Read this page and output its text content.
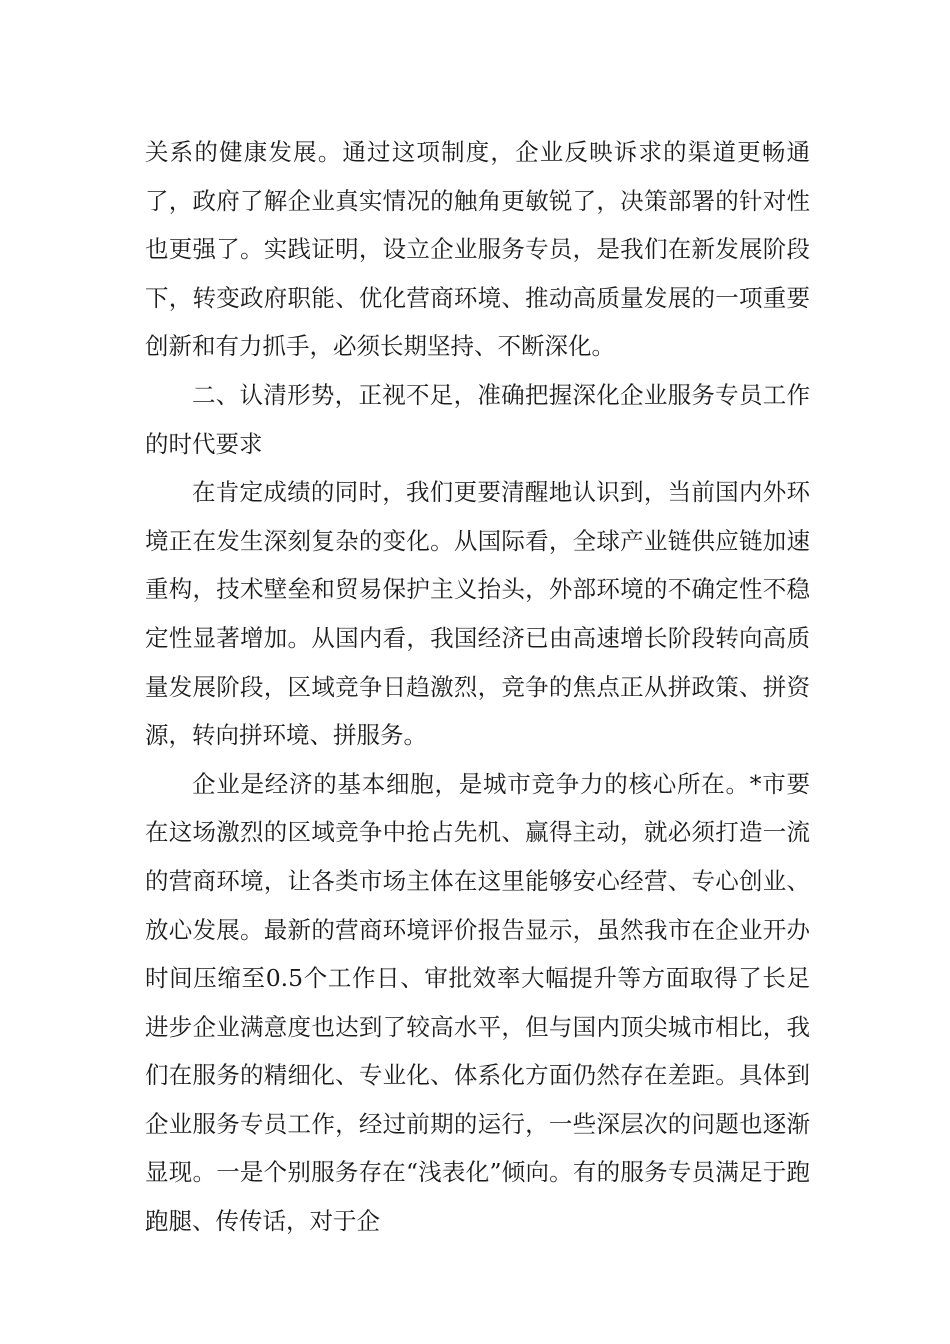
关系的健康发展。通过这项制度，企业反映诉求的渠道更畅通了，政府了解企业真实情况的触角更敏锐了，决策部署的针对性也更强了。实践证明，设立企业服务专员，是我们在新发展阶段下，转变政府职能、优化营商环境、推动高质量发展的一项重要创新和有力抓手，必须长期坚持、不断深化。

二、认清形势，正视不足，准确把握深化企业服务专员工作的时代要求

在肯定成绩的同时，我们更要清醒地认识到，当前国内外环境正在发生深刻复杂的变化。从国际看，全球产业链供应链加速重构，技术壁垒和贸易保护主义抬头，外部环境的不确定性不稳定性显著增加。从国内看，我国经济已由高速增长阶段转向高质量发展阶段，区域竞争日趋激烈，竞争的焦点正从拼政策、拼资源，转向拼环境、拼服务。

企业是经济的基本细胞，是城市竞争力的核心所在。*市要在这场激烈的区域竞争中抢占先机、赢得主动，就必须打造一流的营商环境，让各类市场主体在这里能够安心经营、专心创业、放心发展。最新的营商环境评价报告显示，虽然我市在企业开办时间压缩至0.5个工作日、审批效率大幅提升等方面取得了长足进步企业满意度也达到了较高水平，但与国内顶尖城市相比，我们在服务的精细化、专业化、体系化方面仍然存在差距。具体到企业服务专员工作，经过前期的运行，一些深层次的问题也逐渐显现。一是个别服务存在“浅表化”倾向。有的服务专员满足于跑跑腿、传传话，对于企
